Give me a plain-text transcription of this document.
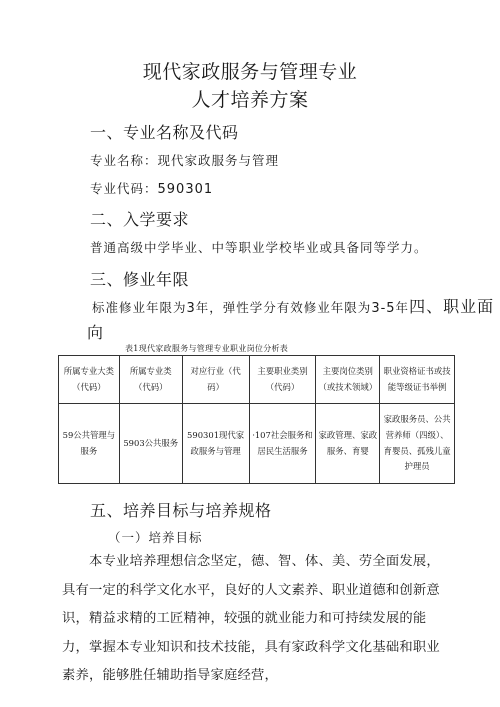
现代家政服务与管理专业
人才培养方案
一、专业名称及代码
专业名称：现代家政服务与管理
专业代码：590301
二、入学要求
普通高级中学毕业、中等职业学校毕业或具备同等学力。
三、修业年限
标准修业年限为3年，弹性学分有效修业年限为3-5年四、职业面
向
表1现代家政服务与管理专业职业岗位分析表
所属专业大类（代码）	所属专业类（代码）	对应行业（代码）	主要职业类别（代码）	主要岗位类别（或技术领域）	职业资格证书或技能等级证书举例
59公共管理与服务	5903公共服务	590301现代家政服务与管理	·107社会服务和居民生活服务	家政管理、家政服务、育婴	家政服务员、公共营养师（四级）、育婴员、孤残儿童护理员
五、培养目标与培养规格
（一）培养目标
本专业培养理想信念坚定，德、智、体、美、劳全面发展，具有一定的科学文化水平，良好的人文素养、职业道德和创新意识，精益求精的工匠精神，较强的就业能力和可持续发展的能力，掌握本专业知识和技术技能，具有家政科学文化基础和职业素养，能够胜任辅助指导家庭经营，
